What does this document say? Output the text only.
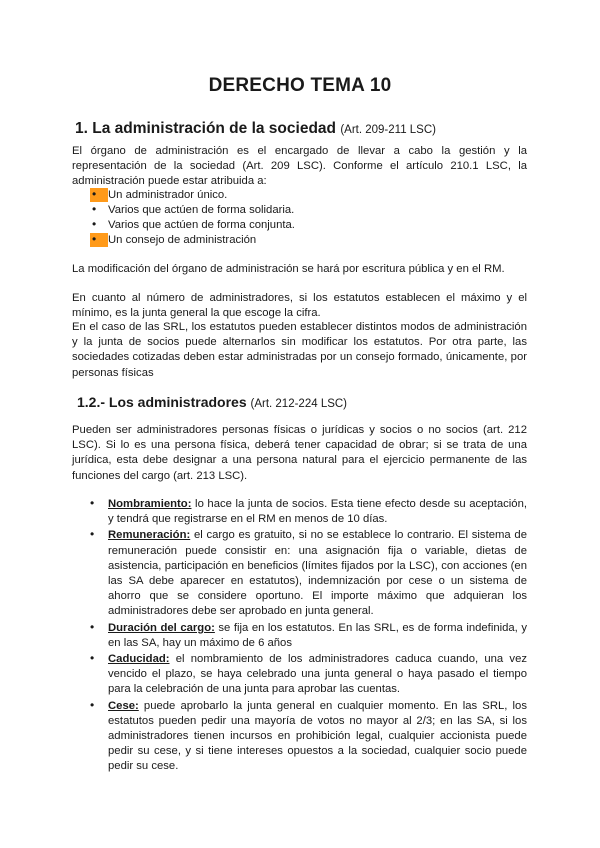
DERECHO TEMA 10
1. La administración de la sociedad (Art. 209-211 LSC)

El órgano de administración es el encargado de llevar a cabo la gestión y la representación de la sociedad (Art. 209 LSC). Conforme el artículo 210.1 LSC, la administración puede estar atribuida a:

•
Un administrador único.
•
Varios que actúen de forma solidaria.
•
Varios que actúen de forma conjunta.
•
Un consejo de administración

La modificación del órgano de administración se hará por escritura pública y en el RM.

En cuanto al número de administradores, si los estatutos establecen el máximo y el mínimo, es la junta general la que escoge la cifra.

En el caso de las SRL, los estatutos pueden establecer distintos modos de administración y la junta de socios puede alternarlos sin modificar los estatutos. Por otra parte, las sociedades cotizadas deben estar administradas por un consejo formado, únicamente, por personas físicas

1.2.- Los administradores (Art. 212-224 LSC)

Pueden ser administradores personas físicas o jurídicas y socios o no socios (art. 212 LSC). Si lo es una persona física, deberá tener capacidad de obrar; si se trata de una jurídica, esta debe designar a una persona natural para el ejercicio permanente de las funciones del cargo (art. 213 LSC).

• Nombramiento: lo hace la junta de socios. Esta tiene efecto desde su aceptación, y tendrá que registrarse en el RM en menos de 10 días.
• Remuneración: el cargo es gratuito, si no se establece lo contrario. El sistema de remuneración puede consistir en: una asignación fija o variable, dietas de asistencia, participación en beneficios (límites fijados por la LSC), con acciones (en las SA debe aparecer en estatutos), indemnización por cese o un sistema de ahorro que se considere oportuno. El importe máximo que adquieran los administradores debe ser aprobado en junta general.
• Duración del cargo: se fija en los estatutos. En las SRL, es de forma indefinida, y en las SA, hay un máximo de 6 años
• Caducidad: el nombramiento de los administradores caduca cuando, una vez vencido el plazo, se haya celebrado una junta general o haya pasado el tiempo para la celebración de una junta para aprobar las cuentas.
• Cese: puede aprobarlo la junta general en cualquier momento. En las SRL, los estatutos pueden pedir una mayoría de votos no mayor al 2/3; en las SA, si los administradores tienen incursos en prohibición legal, cualquier accionista puede pedir su cese, y si tiene intereses opuestos a la sociedad, cualquier socio puede pedir su cese.
